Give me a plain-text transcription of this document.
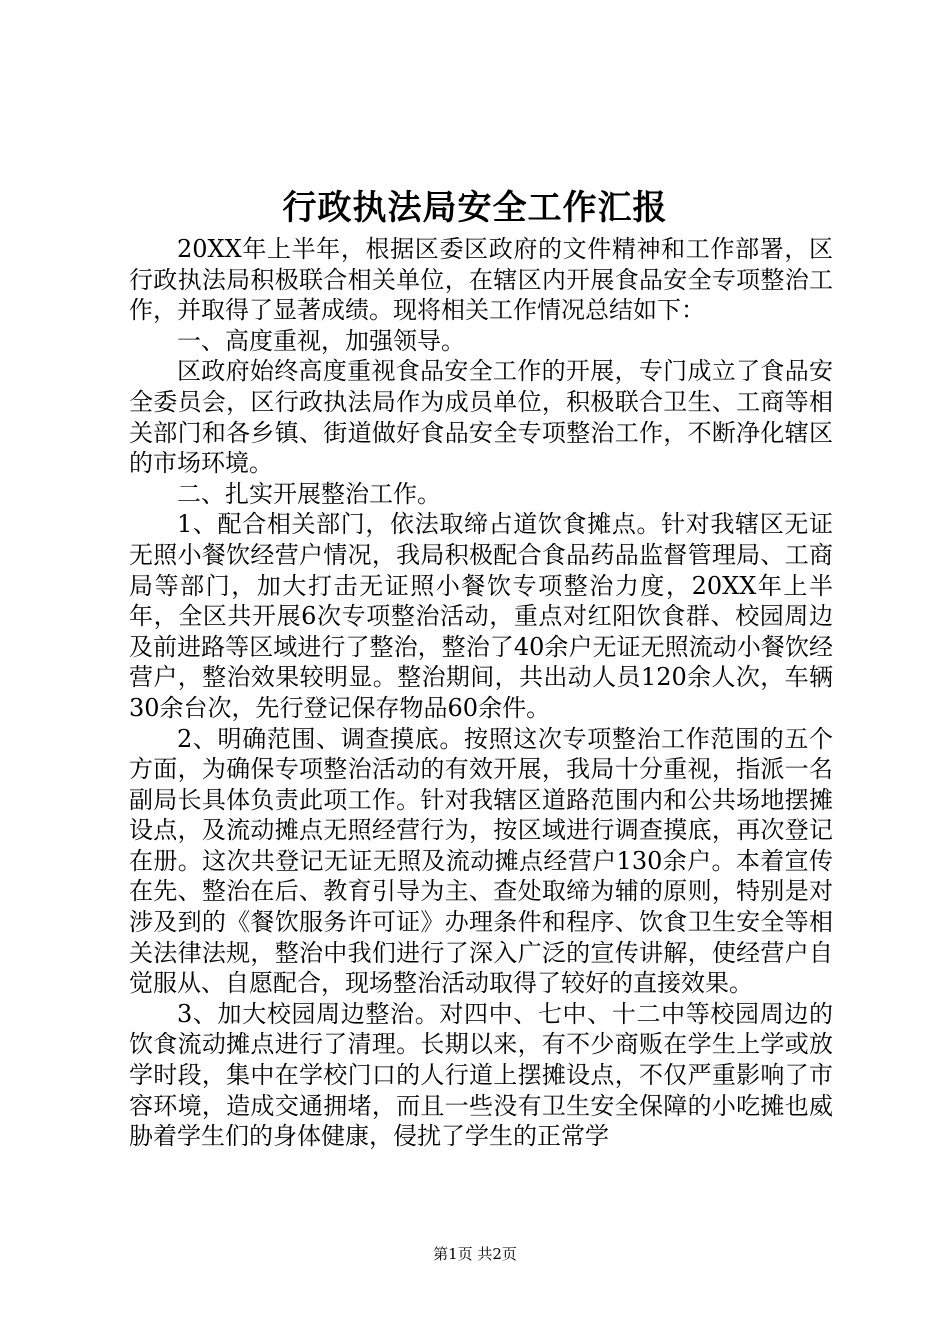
行政执法局安全工作汇报

20XX年上半年，根据区委区政府的文件精神和工作部署，区行政执法局积极联合相关单位，在辖区内开展食品安全专项整治工作，并取得了显著成绩。现将相关工作情况总结如下：

一、高度重视，加强领导。

区政府始终高度重视食品安全工作的开展，专门成立了食品安全委员会，区行政执法局作为成员单位，积极联合卫生、工商等相关部门和各乡镇、街道做好食品安全专项整治工作，不断净化辖区的市场环境。

二、扎实开展整治工作。

1、配合相关部门，依法取缔占道饮食摊点。针对我辖区无证无照小餐饮经营户情况，我局积极配合食品药品监督管理局、工商局等部门，加大打击无证照小餐饮专项整治力度，20XX年上半年，全区共开展6次专项整治活动，重点对红阳饮食群、校园周边及前进路等区域进行了整治，整治了40余户无证无照流动小餐饮经营户，整治效果较明显。整治期间，共出动人员120余人次，车辆30余台次，先行登记保存物品60余件。

2、明确范围、调查摸底。按照这次专项整治工作范围的五个方面，为确保专项整治活动的有效开展，我局十分重视，指派一名副局长具体负责此项工作。针对我辖区道路范围内和公共场地摆摊设点，及流动摊点无照经营行为，按区域进行调查摸底，再次登记在册。这次共登记无证无照及流动摊点经营户130余户。本着宣传在先、整治在后、教育引导为主、查处取缔为辅的原则，特别是对涉及到的《餐饮服务许可证》办理条件和程序、饮食卫生安全等相关法律法规，整治中我们进行了深入广泛的宣传讲解，使经营户自觉服从、自愿配合，现场整治活动取得了较好的直接效果。

3、加大校园周边整治。对四中、七中、十二中等校园周边的饮食流动摊点进行了清理。长期以来，有不少商贩在学生上学或放学时段，集中在学校门口的人行道上摆摊设点，不仅严重影响了市容环境，造成交通拥堵，而且一些没有卫生安全保障的小吃摊也威胁着学生们的身体健康，侵扰了学生的正常学

第1页 共2页
